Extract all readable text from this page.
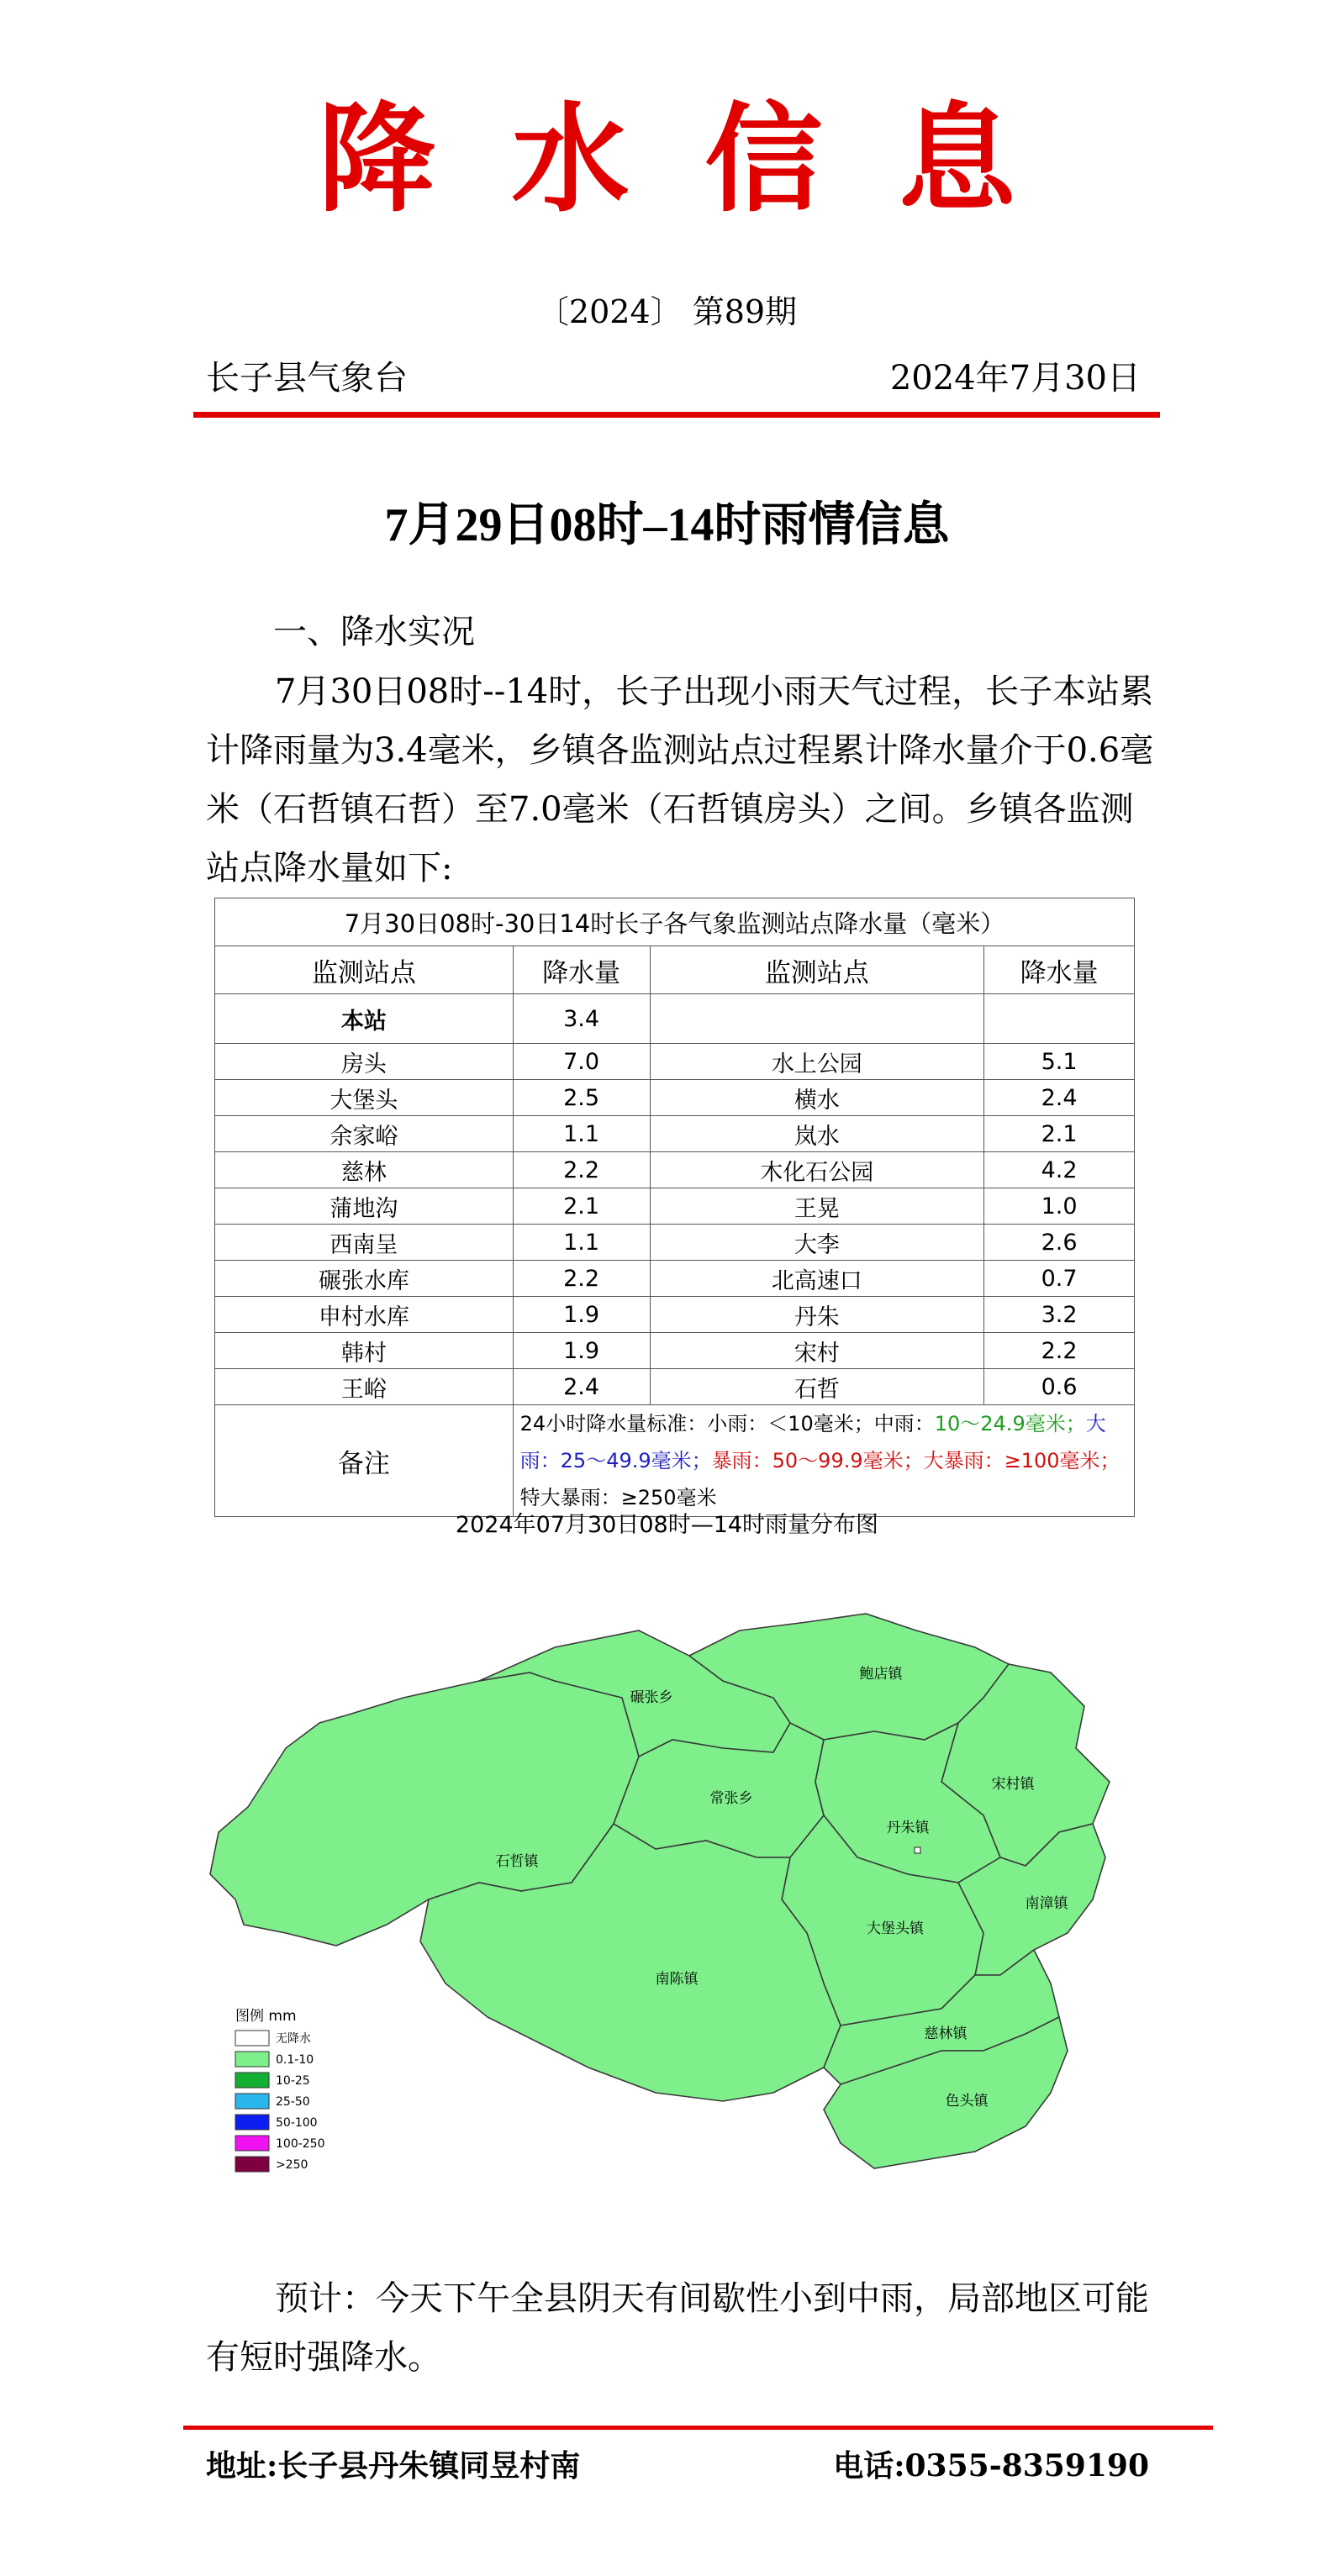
降水信息
〔2024〕 第89期
长子县气象台	2024年7月30日
7月29日08时–14时雨情信息
一、降水实况
7月30日08时--14时，长子出现小雨天气过程，长子本站累计降雨量为3.4毫米，乡镇各监测站点过程累计降水量介于0.6毫米（石哲镇石哲）至7.0毫米（石哲镇房头）之间。乡镇各监测站点降水量如下:
7月30日08时-30日14时长子各气象监测站点降水量（毫米）			
监测站点	降水量	监测站点	降水量
本站	3.4		
房头	7.0	水上公园	5.1
大堡头	2.5	横水	2.4
余家峪	1.1	岚水	2.1
慈林	2.2	木化石公园	4.2
蒲地沟	2.1	王晃	1.0
西南呈	1.1	大李	2.6
碾张水库	2.2	北高速口	0.7
申村水库	1.9	丹朱	3.2
韩村	1.9	宋村	2.2
王峪	2.4	石哲	0.6
备注	24小时降水量标准：小雨：＜10毫米；中雨：10～24.9毫米；大雨：25～49.9毫米；暴雨：50～99.9毫米；大暴雨：≥100毫米；特大暴雨：≥250毫米		
2024年07月30日08时—14时雨量分布图
碾张乡
鲍店镇
常张乡
宋村镇
丹朱镇
石哲镇
南漳镇
大堡头镇
南陈镇
慈林镇
色头镇
图例 mm
无降水
0.1-10
10-25
25-50
50-100
100-250
>250
预计：今天下午全县阴天有间歇性小到中雨，局部地区可能有短时强降水。
地址:长子县丹朱镇同昱村南	电话:0355-8359190
